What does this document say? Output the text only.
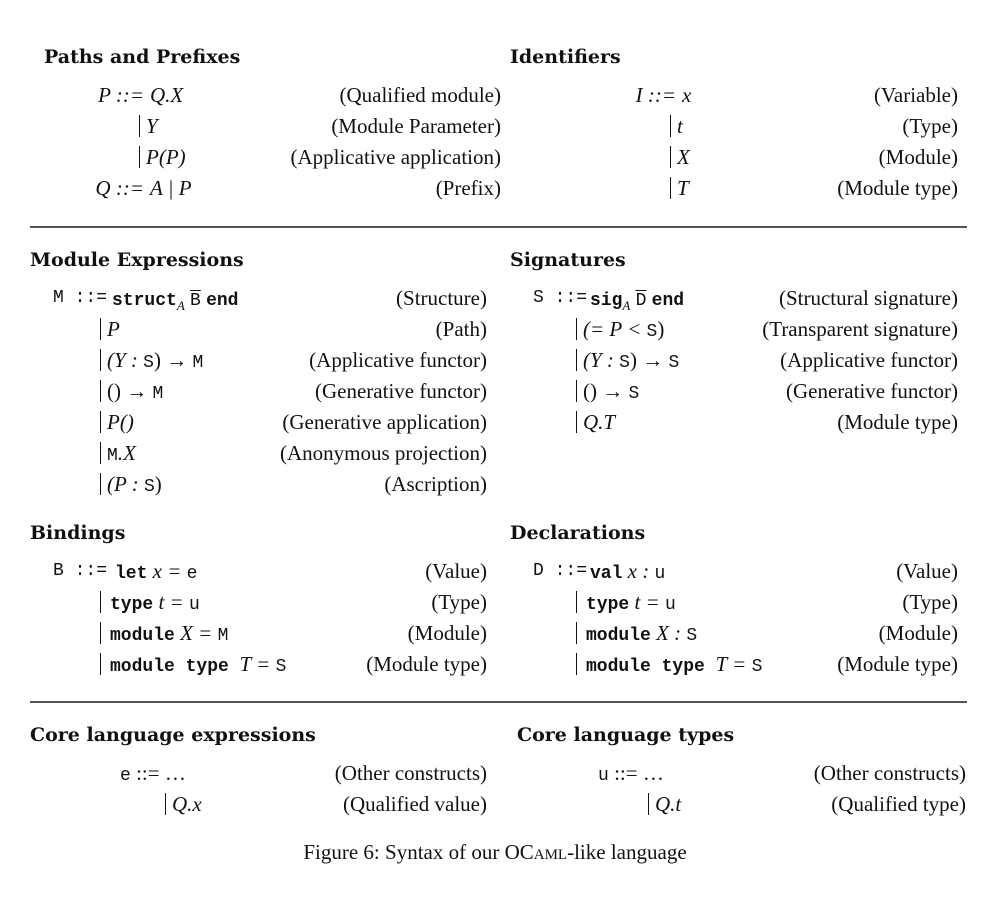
Paths and Prefixes
P ::= Q.X	(Qualified module)
Y	(Module Parameter)
P(P)	(Applicative application)
Q ::= A | P	(Prefix)
Identifiers
I ::= x	(Variable)
t	(Type)
X	(Module)
T	(Module type)
Module Expressions
M ::= struct$_A$ $\overline{B}$ end	(Structure)
P	(Path)
(Y : S) → M	(Applicative functor)
() → M	(Generative functor)
P()	(Generative application)
M.X	(Anonymous projection)
(P : S)	(Ascription)
Signatures
S ::= sig$_A$ $\overline{D}$ end	(Structural signature)
(= P < S)	(Transparent signature)
(Y : S) → S	(Applicative functor)
() → S	(Generative functor)
Q.T	(Module type)
Bindings
B ::= let x = e	(Value)
type t = u	(Type)
module X = M	(Module)
module type T = S	(Module type)
Declarations
D ::= val x : u	(Value)
type t = u	(Type)
module X : S	(Module)
module type T = S	(Module type)
Core language expressions
e ::= …	(Other constructs)
Q.x	(Qualified value)
Core language types
u ::= …	(Other constructs)
Q.t	(Qualified type)
Figure 6: Syntax of our OCaml-like language
